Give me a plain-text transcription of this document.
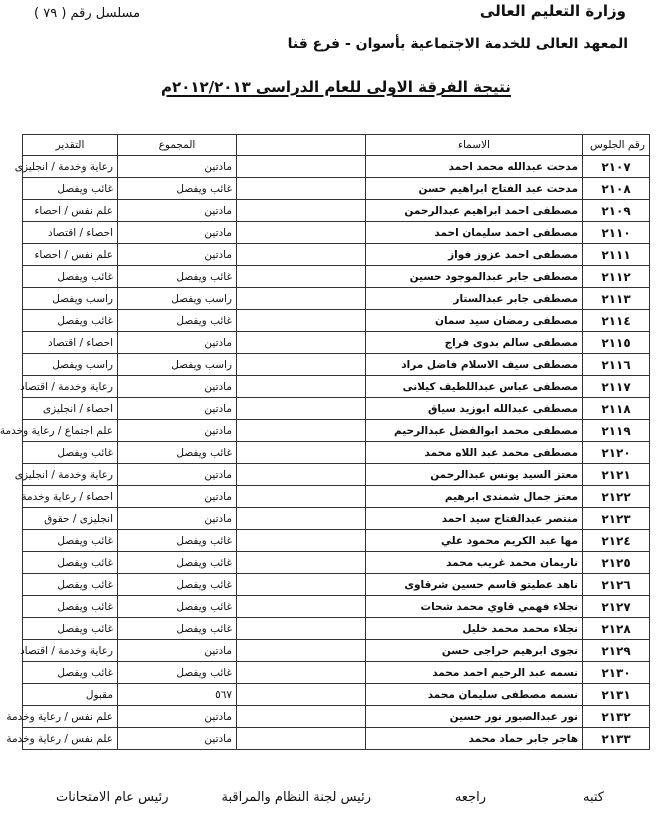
وزارة التعليم العالى
مسلسل رقم ( ٧٩ )
المعهد العالى للخدمة الاجتماعية بأسوان - فرع قنا
نتيجة الفرقة الاولى للعام الدراسى ٢٠١٢/٢٠١٣م
رقم الجلوس	الاسماء		المجموع	التقدير
٢١٠٧	مدحت عبدالله محمد احمد		مادتين	رعاية وخدمة / انجليزى
٢١٠٨	مدحت عبد الفتاح ابراهيم حسن		غائب ويفصل	غائب ويفصل
٢١٠٩	مصطفى احمد ابراهيم عبدالرحمن		مادتين	علم نفس / احصاء
٢١١٠	مصطفى احمد سليمان احمد		مادتين	احصاء / اقتصاد
٢١١١	مصطفى احمد عزوز فواز		مادتين	علم نفس / احصاء
٢١١٢	مصطفى جابر عبدالموجود حسين		غائب ويفصل	غائب ويفصل
٢١١٣	مصطفى جابر عبدالستار		راسب ويفصل	راسب ويفصل
٢١١٤	مصطفى رمضان سيد سمان		غائب ويفصل	غائب ويفصل
٢١١٥	مصطفى سالم بدوى فراج		مادتين	احصاء / اقتصاد
٢١١٦	مصطفى سيف الاسلام فاضل مراد		راسب ويفصل	راسب ويفصل
٢١١٧	مصطفى عباس عبداللطيف كيلانى		مادتين	رعاية وخدمة / اقتصاد
٢١١٨	مصطفى عبدالله ابوزيد سياق		مادتين	احصاء / انجليزى
٢١١٩	مصطفى محمد ابوالفضل عبدالرحيم		مادتين	علم اجتماع / رعاية وخدمة
٢١٢٠	مصطفى محمد عبد اللاه محمد		غائب ويفصل	غائب ويفصل
٢١٢١	معتز السيد يونس عبدالرحمن		مادتين	رعاية وخدمة / انجليزى
٢١٢٢	معتز جمال شمندى ابرهيم		مادتين	احصاء / رعاية وخدمة
٢١٢٣	منتصر عبدالفتاح سيد احمد		مادتين	انجليزى / حقوق
٢١٢٤	مها عبد الكريم محمود علي		غائب ويفصل	غائب ويفصل
٢١٢٥	ناريمان محمد غريب محمد		غائب ويفصل	غائب ويفصل
٢١٢٦	ناهد عطيتو قاسم حسين شرقاوى		غائب ويفصل	غائب ويفصل
٢١٢٧	نجلاء فهمي قاوي محمد شحات		غائب ويفصل	غائب ويفصل
٢١٢٨	نجلاء محمد محمد خليل		غائب ويفصل	غائب ويفصل
٢١٢٩	نجوى ابرهيم حراجى حسن		مادتين	رعاية وخدمة / اقتصاد
٢١٣٠	نسمه عبد الرحيم احمد محمد		غائب ويفصل	غائب ويفصل
٢١٣١	نسمه مصطفى سليمان محمد		٥٦٧	مقبول
٢١٣٢	نور عبدالصبور نور حسين		مادتين	علم نفس / رعاية وخدمة
٢١٣٣	هاجر جابر حماد محمد		مادتين	علم نفس / رعاية وخدمة
كتبه
راجعه
رئيس لجنة النظام والمراقبة
رئيس عام الامتحانات
